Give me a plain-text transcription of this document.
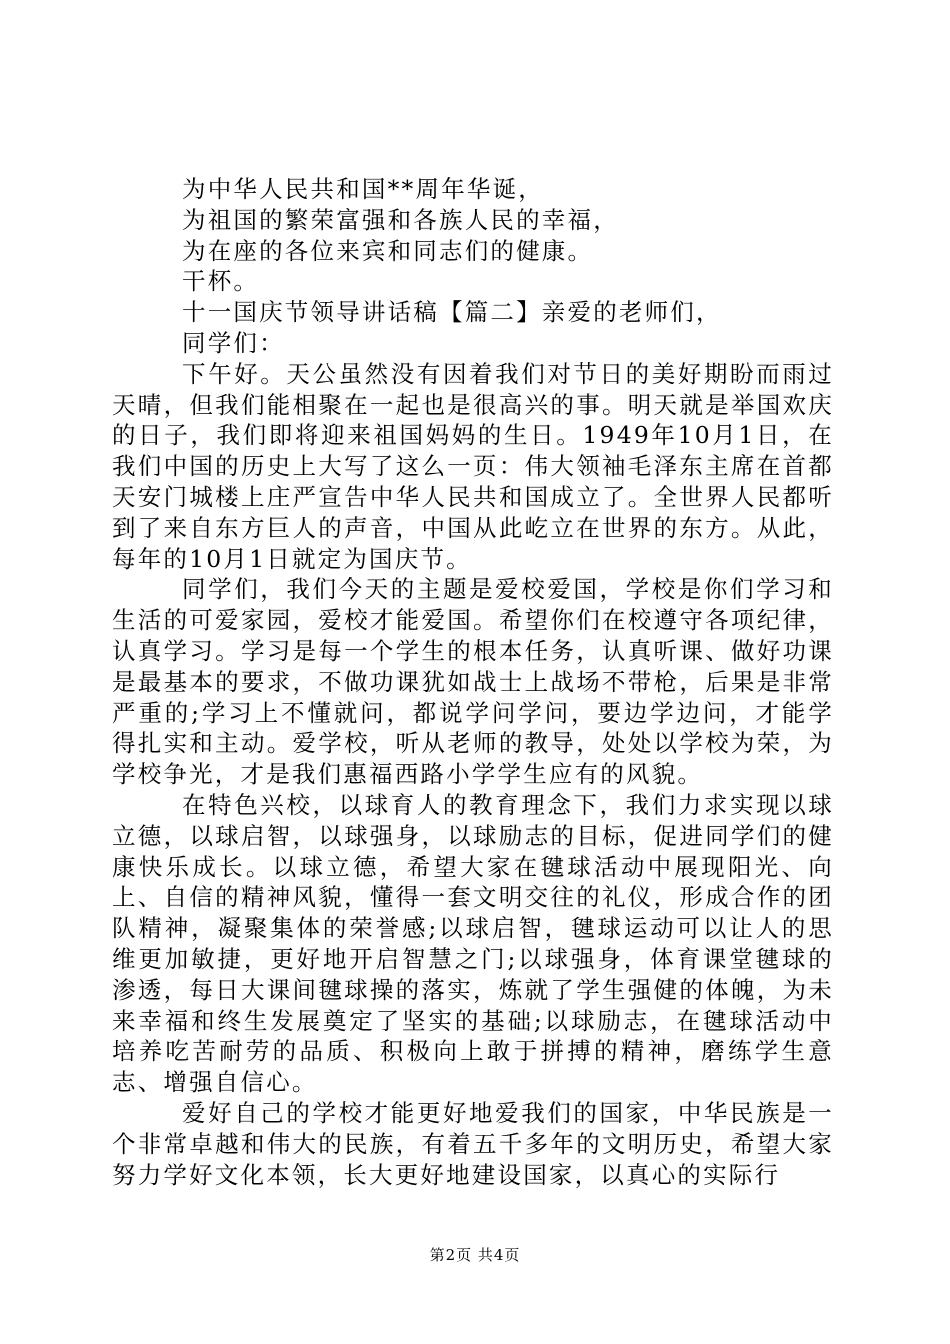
为中华人民共和国**周年华诞，

为祖国的繁荣富强和各族人民的幸福，

为在座的各位来宾和同志们的健康。

干杯。

十一国庆节领导讲话稿【篇二】亲爱的老师们，

同学们：

下午好。天公虽然没有因着我们对节日的美好期盼而雨过天晴，但我们能相聚在一起也是很高兴的事。明天就是举国欢庆的日子，我们即将迎来祖国妈妈的生日。1949年10月1日，在我们中国的历史上大写了这么一页：伟大领袖毛泽东主席在首都天安门城楼上庄严宣告中华人民共和国成立了。全世界人民都听到了来自东方巨人的声音，中国从此屹立在世界的东方。从此，每年的10月1日就定为国庆节。

同学们，我们今天的主题是爱校爱国，学校是你们学习和生活的可爱家园，爱校才能爱国。希望你们在校遵守各项纪律，认真学习。学习是每一个学生的根本任务，认真听课、做好功课是最基本的要求，不做功课犹如战士上战场不带枪，后果是非常严重的;学习上不懂就问，都说学问学问，要边学边问，才能学得扎实和主动。爱学校，听从老师的教导，处处以学校为荣，为学校争光，才是我们惠福西路小学学生应有的风貌。

在特色兴校，以球育人的教育理念下，我们力求实现以球立德，以球启智，以球强身，以球励志的目标，促进同学们的健康快乐成长。以球立德，希望大家在毽球活动中展现阳光、向上、自信的精神风貌，懂得一套文明交往的礼仪，形成合作的团队精神，凝聚集体的荣誉感;以球启智，毽球运动可以让人的思维更加敏捷，更好地开启智慧之门;以球强身，体育课堂毽球的渗透，每日大课间毽球操的落实，炼就了学生强健的体魄，为未来幸福和终生发展奠定了坚实的基础;以球励志，在毽球活动中培养吃苦耐劳的品质、积极向上敢于拼搏的精神，磨练学生意志、增强自信心。

爱好自己的学校才能更好地爱我们的国家，中华民族是一个非常卓越和伟大的民族，有着五千多年的文明历史，希望大家努力学好文化本领，长大更好地建设国家，以真心的实际行

第2页 共4页
